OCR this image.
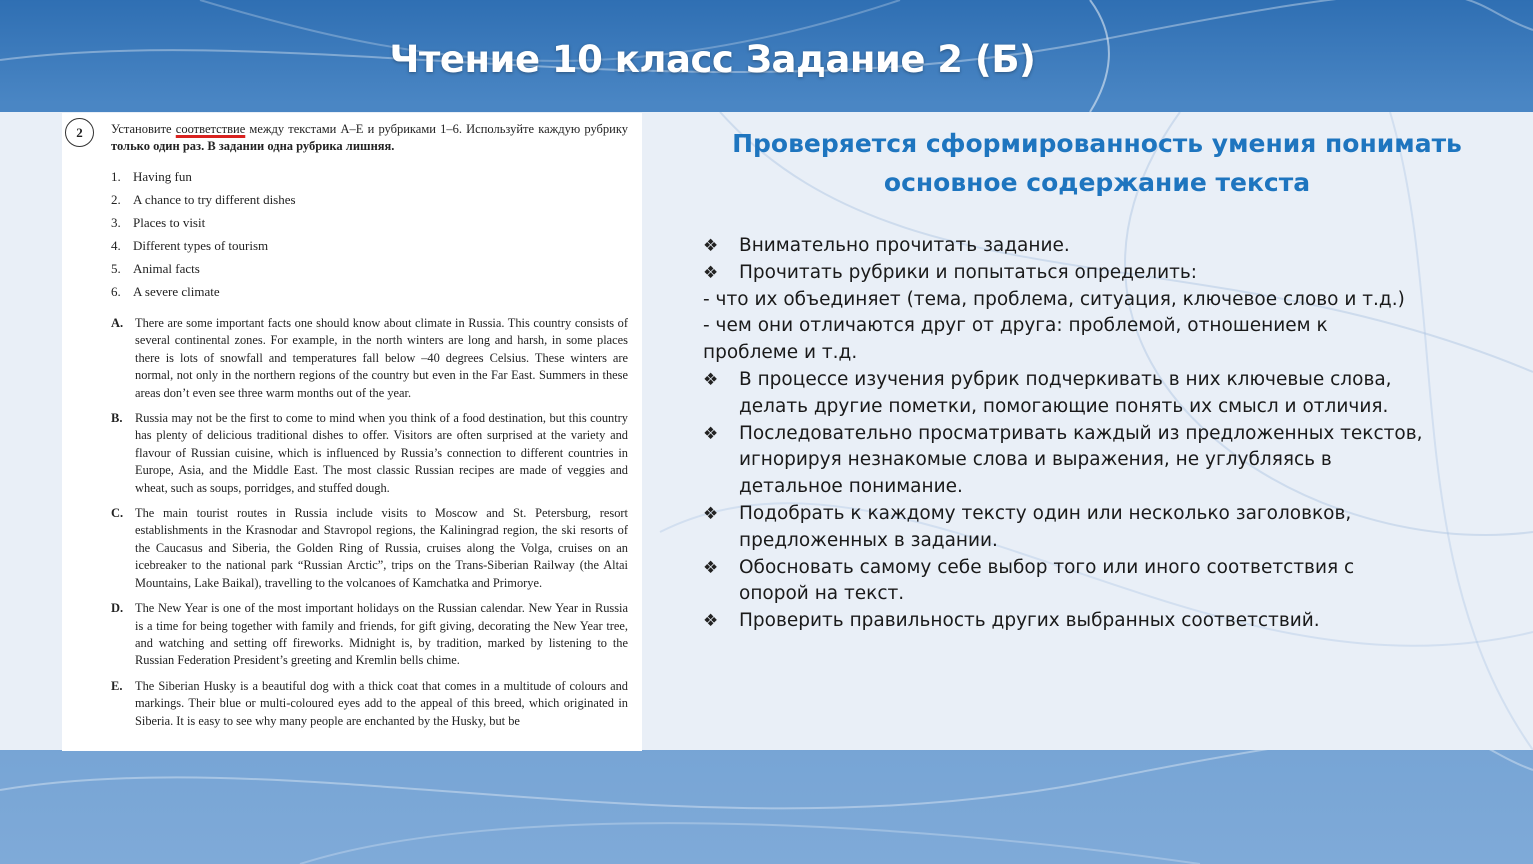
Чтение 10 класс Задание 2 (Б)
2	Установите соответствие между текстами А–Е и рубриками 1–6. Используйте каждую рубрику только один раз. В задании одна рубрика лишняя.
1. Having fun
2. A chance to try different dishes
3. Places to visit
4. Different types of tourism
5. Animal facts
6. A severe climate
A. There are some important facts one should know about climate in Russia. This country consists of several continental zones. For example, in the north winters are long and harsh, in some places there is lots of snowfall and temperatures fall below –40 degrees Celsius. These winters are normal, not only in the northern regions of the country but even in the Far East. Summers in these areas don’t even see three warm months out of the year.
B. Russia may not be the first to come to mind when you think of a food destination, but this country has plenty of delicious traditional dishes to offer. Visitors are often surprised at the variety and flavour of Russian cuisine, which is influenced by Russia’s connection to different countries in Europe, Asia, and the Middle East. The most classic Russian recipes are made of veggies and wheat, such as soups, porridges, and stuffed dough.
C. The main tourist routes in Russia include visits to Moscow and St. Petersburg, resort establishments in the Krasnodar and Stavropol regions, the Kaliningrad region, the ski resorts of the Caucasus and Siberia, the Golden Ring of Russia, cruises along the Volga, cruises on an icebreaker to the national park “Russian Arctic”, trips on the Trans-Siberian Railway (the Altai Mountains, Lake Baikal), travelling to the volcanoes of Kamchatka and Primorye.
D. The New Year is one of the most important holidays on the Russian calendar. New Year in Russia is a time for being together with family and friends, for gift giving, decorating the New Year tree, and watching and setting off fireworks. Midnight is, by tradition, marked by listening to the Russian Federation President’s greeting and Kremlin bells chime.
E. The Siberian Husky is a beautiful dog with a thick coat that comes in a multitude of colours and markings. Their blue or multi-coloured eyes add to the appeal of this breed, which originated in Siberia. It is easy to see why many people are enchanted by the Husky, but be
Проверяется сформированность умения понимать
основное содержание текста
❖ Внимательно прочитать задание.
❖ Прочитать рубрики и попытаться определить:
- что их объединяет (тема, проблема, ситуация, ключевое слово и т.д.)
- чем они отличаются друг от друга: проблемой, отношением к проблеме и т.д.
❖ В процессе изучения рубрик подчеркивать в них ключевые слова, делать другие пометки, помогающие понять их смысл и отличия.
❖ Последовательно просматривать каждый из предложенных текстов, игнорируя незнакомые слова и выражения, не углубляясь в детальное понимание.
❖ Подобрать к каждому тексту один или несколько заголовков, предложенных в задании.
❖ Обосновать самому себе выбор того или иного соответствия с опорой на текст.
❖ Проверить правильность других выбранных соответствий.
